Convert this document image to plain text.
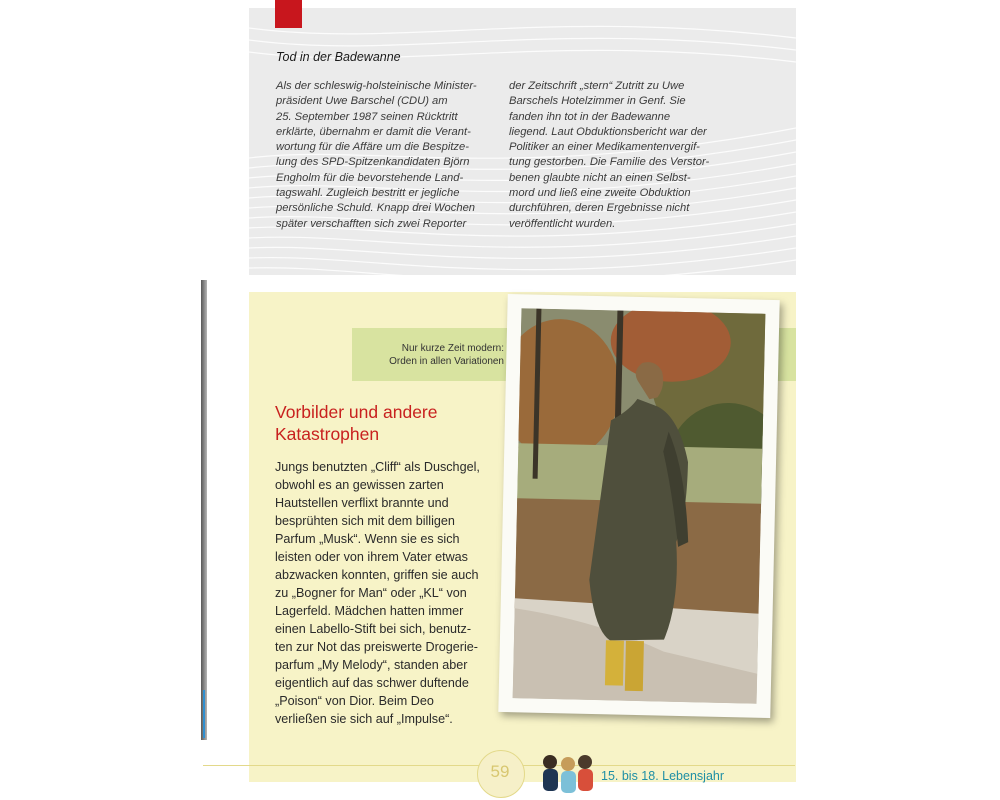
Tod in der Badewanne
Als der schleswig-holsteinische Minister-
präsident Uwe Barschel (CDU) am
25. September 1987 seinen Rücktritt
erklärte, übernahm er damit die Verant-
wortung für die Affäre um die Bespitze-
lung des SPD-Spitzenkandidaten Björn
Engholm für die bevorstehende Land-
tagswahl. Zugleich bestritt er jegliche
persönliche Schuld. Knapp drei Wochen
später verschafften sich zwei Reporter
der Zeitschrift „stern“ Zutritt zu Uwe
Barschels Hotelzimmer in Genf. Sie
fanden ihn tot in der Badewanne
liegend. Laut Obduktionsbericht war der
Politiker an einer Medikamentenvergif-
tung gestorben. Die Familie des Verstor-
benen glaubte nicht an einen Selbst-
mord und ließ eine zweite Obduktion
durchführen, deren Ergebnisse nicht
veröffentlicht wurden.
Nur kurze Zeit modern:
Orden in allen Variationen
Vorbilder und andere
Katastrophen
Jungs benutzten „Cliff“ als Duschgel,
obwohl es an gewissen zarten
Hautstellen verflixt brannte und
besprühten sich mit dem billigen
Parfum „Musk“. Wenn sie es sich
leisten oder von ihrem Vater etwas
abzwacken konnten, griffen sie auch
zu „Bogner for Man“ oder „KL“ von
Lagerfeld. Mädchen hatten immer
einen Labello-Stift bei sich, benutz-
ten zur Not das preiswerte Drogerie-
parfum „My Melody“, standen aber
eigentlich auf das schwer duftende
„Poison“ von Dior. Beim Deo
verließen sie sich auf „Impulse“.
59	15. bis 18. Lebensjahr
